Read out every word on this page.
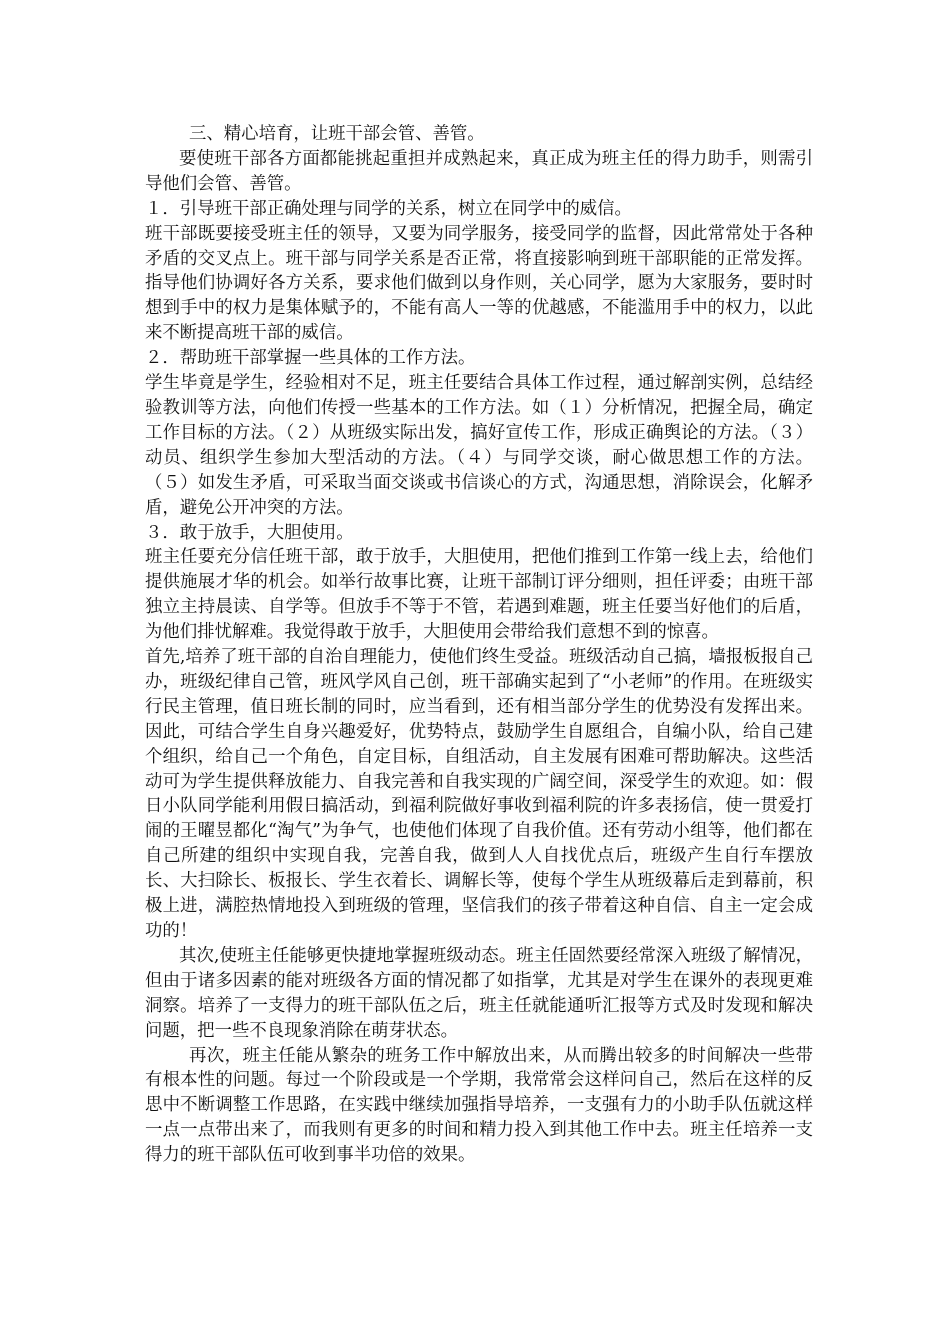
三、精心培育，让班干部会管、善管。

要使班干部各方面都能挑起重担并成熟起来，真正成为班主任的得力助手，则需引导他们会管、善管。

１．引导班干部正确处理与同学的关系，树立在同学中的威信。

班干部既要接受班主任的领导，又要为同学服务，接受同学的监督，因此常常处于各种矛盾的交叉点上。班干部与同学关系是否正常，将直接影响到班干部职能的正常发挥。指导他们协调好各方关系，要求他们做到以身作则，关心同学，愿为大家服务，要时时想到手中的权力是集体赋予的，不能有高人一等的优越感，不能滥用手中的权力，以此来不断提高班干部的威信。

２．帮助班干部掌握一些具体的工作方法。

学生毕竟是学生，经验相对不足，班主任要结合具体工作过程，通过解剖实例，总结经验教训等方法，向他们传授一些基本的工作方法。如（１）分析情况，把握全局，确定工作目标的方法。（２）从班级实际出发，搞好宣传工作，形成正确舆论的方法。（３）动员、组织学生参加大型活动的方法。（４）与同学交谈，耐心做思想工作的方法。（５）如发生矛盾，可采取当面交谈或书信谈心的方式，沟通思想，消除误会，化解矛盾，避免公开冲突的方法。

３．敢于放手，大胆使用。

班主任要充分信任班干部，敢于放手，大胆使用，把他们推到工作第一线上去，给他们提供施展才华的机会。如举行故事比赛，让班干部制订评分细则，担任评委；由班干部独立主持晨读、自学等。但放手不等于不管，若遇到难题，班主任要当好他们的后盾，为他们排忧解难。我觉得敢于放手，大胆使用会带给我们意想不到的惊喜。

首先,培养了班干部的自治自理能力，使他们终生受益。班级活动自己搞，墙报板报自己办，班级纪律自己管，班风学风自己创，班干部确实起到了“小老师”的作用。在班级实行民主管理，值日班长制的同时，应当看到，还有相当部分学生的优势没有发挥出来。因此，可结合学生自身兴趣爱好，优势特点，鼓励学生自愿组合，自编小队，给自己建个组织，给自己一个角色，自定目标，自组活动，自主发展有困难可帮助解决。这些活动可为学生提供释放能力、自我完善和自我实现的广阔空间，深受学生的欢迎。如：假日小队同学能利用假日搞活动，到福利院做好事收到福利院的许多表扬信，使一贯爱打闹的王曜昱都化“淘气”为争气，也使他们体现了自我价值。还有劳动小组等，他们都在自己所建的组织中实现自我，完善自我，做到人人自找优点后，班级产生自行车摆放长、大扫除长、板报长、学生衣着长、调解长等，使每个学生从班级幕后走到幕前，积极上进，满腔热情地投入到班级的管理，坚信我们的孩子带着这种自信、自主一定会成功的！

其次,使班主任能够更快捷地掌握班级动态。班主任固然要经常深入班级了解情况，但由于诸多因素的能对班级各方面的情况都了如指掌，尤其是对学生在课外的表现更难洞察。培养了一支得力的班干部队伍之后，班主任就能通听汇报等方式及时发现和解决问题，把一些不良现象消除在萌芽状态。

再次，班主任能从繁杂的班务工作中解放出来，从而腾出较多的时间解决一些带有根本性的问题。每过一个阶段或是一个学期，我常常会这样问自己，然后在这样的反思中不断调整工作思路，在实践中继续加强指导培养，一支强有力的小助手队伍就这样一点一点带出来了，而我则有更多的时间和精力投入到其他工作中去。班主任培养一支得力的班干部队伍可收到事半功倍的效果。
